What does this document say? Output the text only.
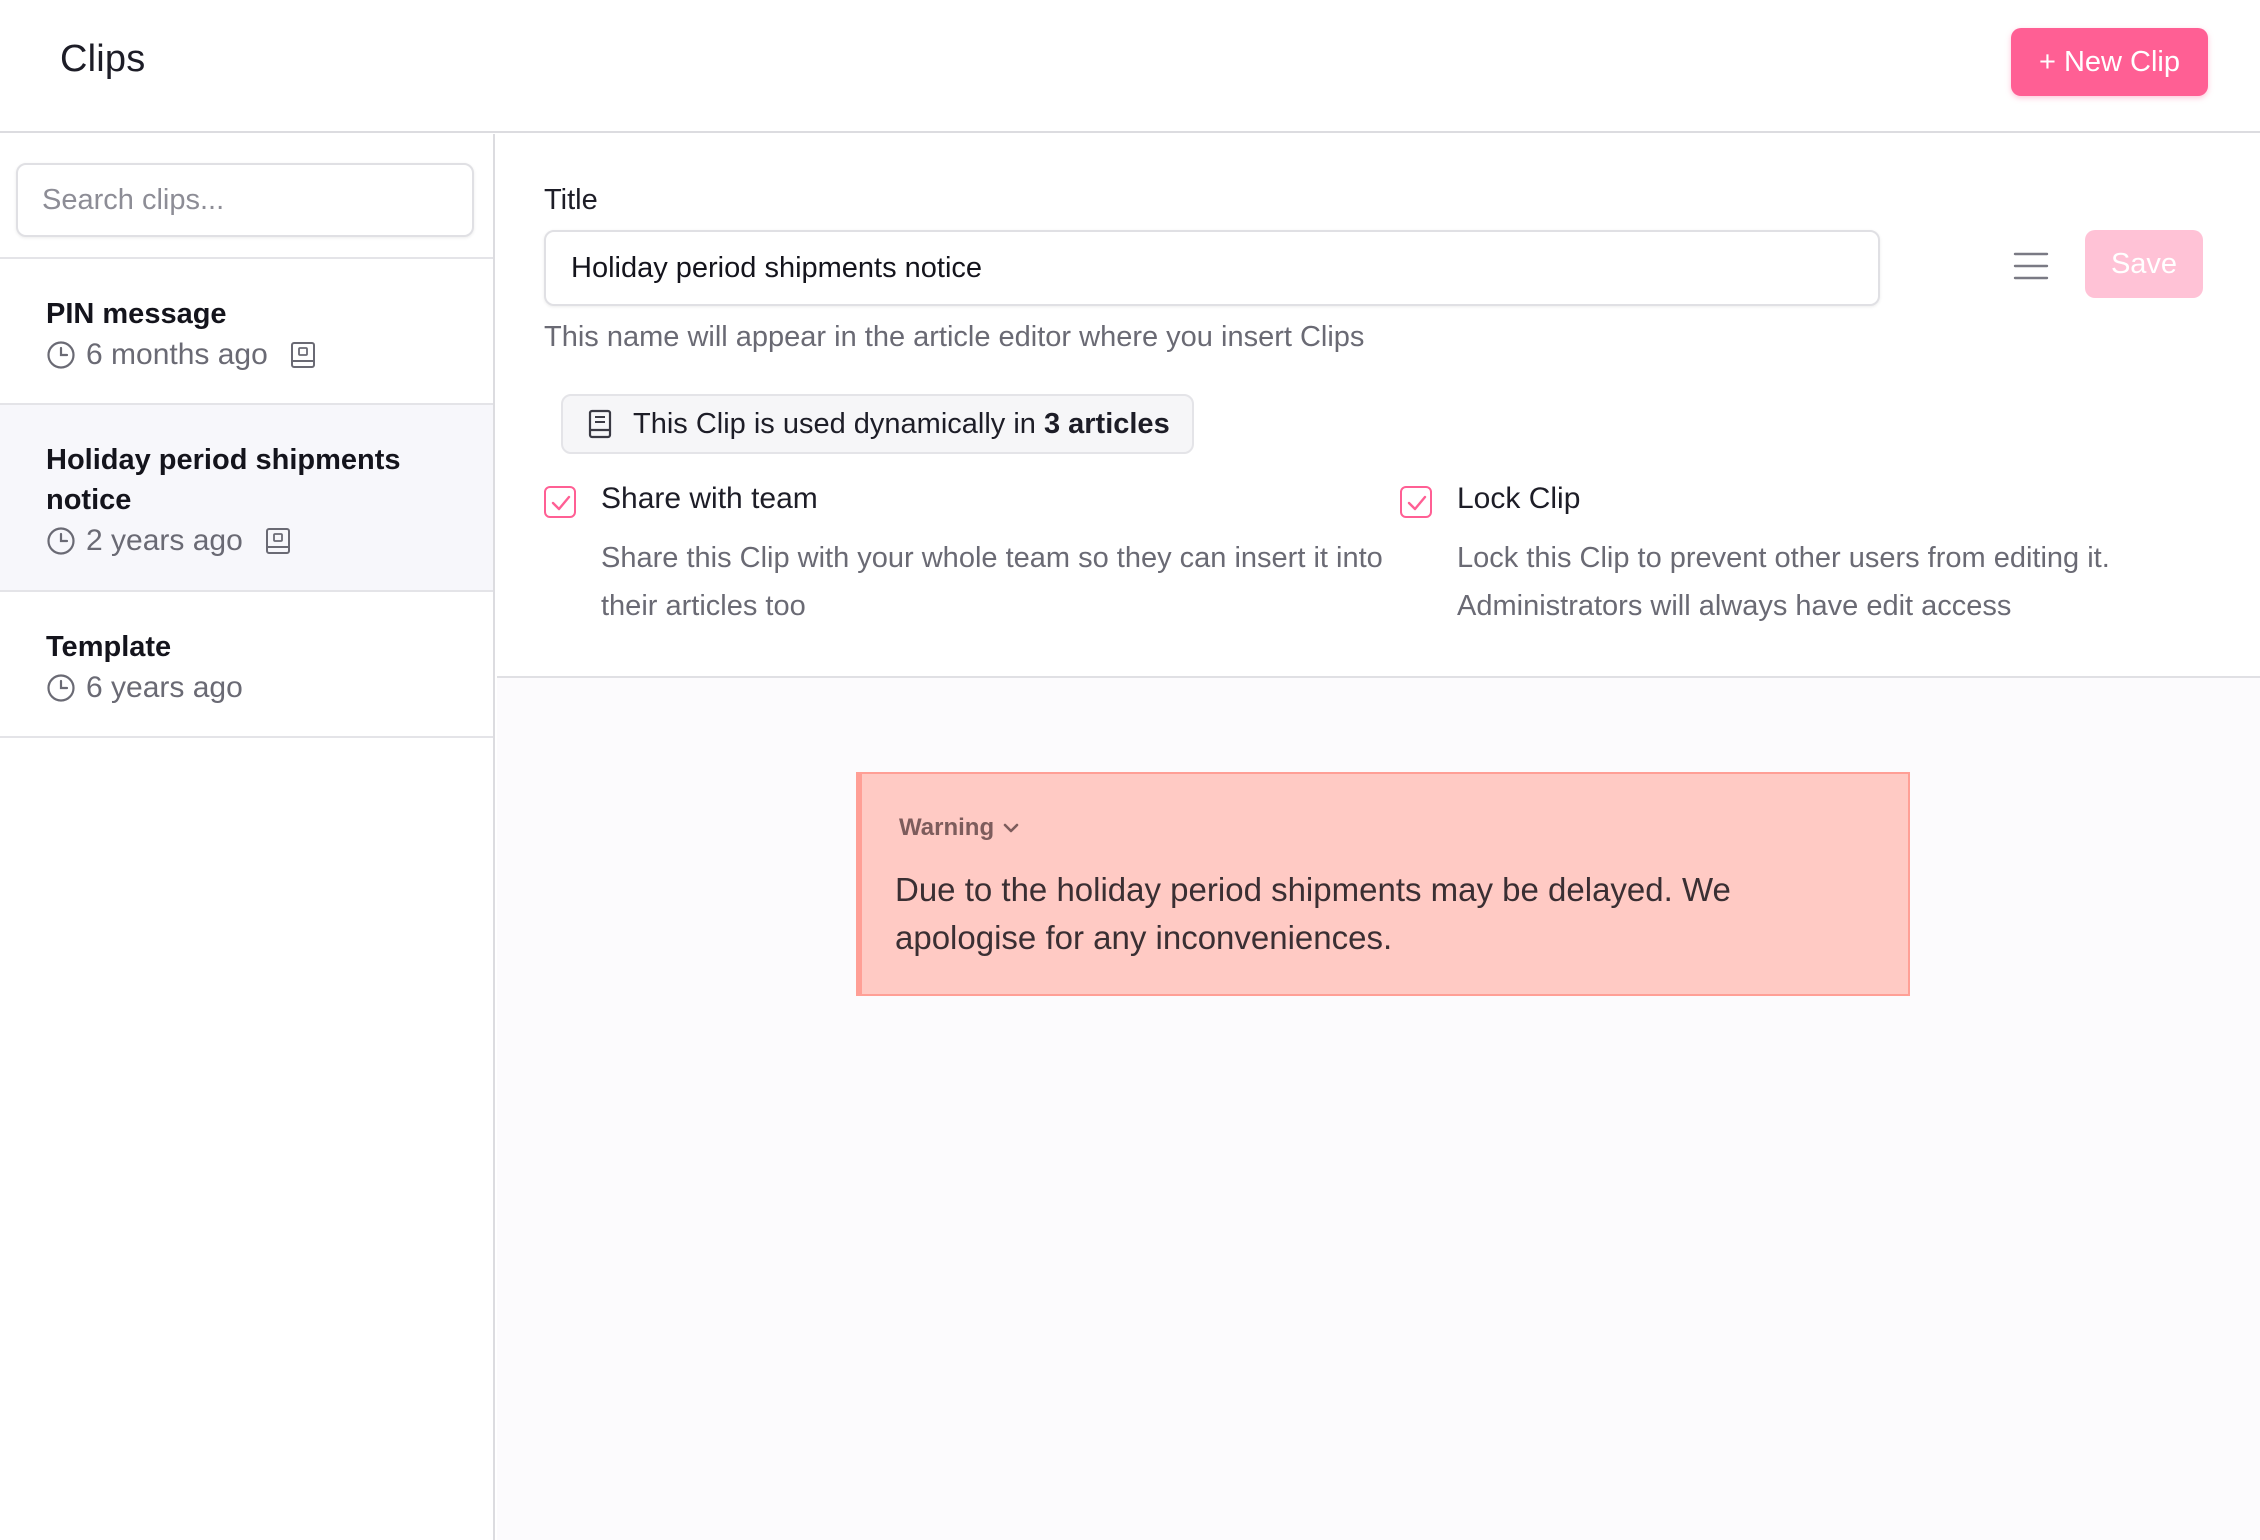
Clips	+ New Clip
Search clips...
PIN message
6 months ago
Holiday period shipments notice
2 years ago
Template
6 years ago
Title
Holiday period shipments notice
Save
This name will appear in the article editor where you insert Clips
This Clip is used dynamically in 3 articles
Share with team
Share this Clip with your whole team so they can insert it into their articles too
Lock Clip
Lock this Clip to prevent other users from editing it. Administrators will always have edit access
Warning
Due to the holiday period shipments may be delayed. We apologise for any inconveniences.
